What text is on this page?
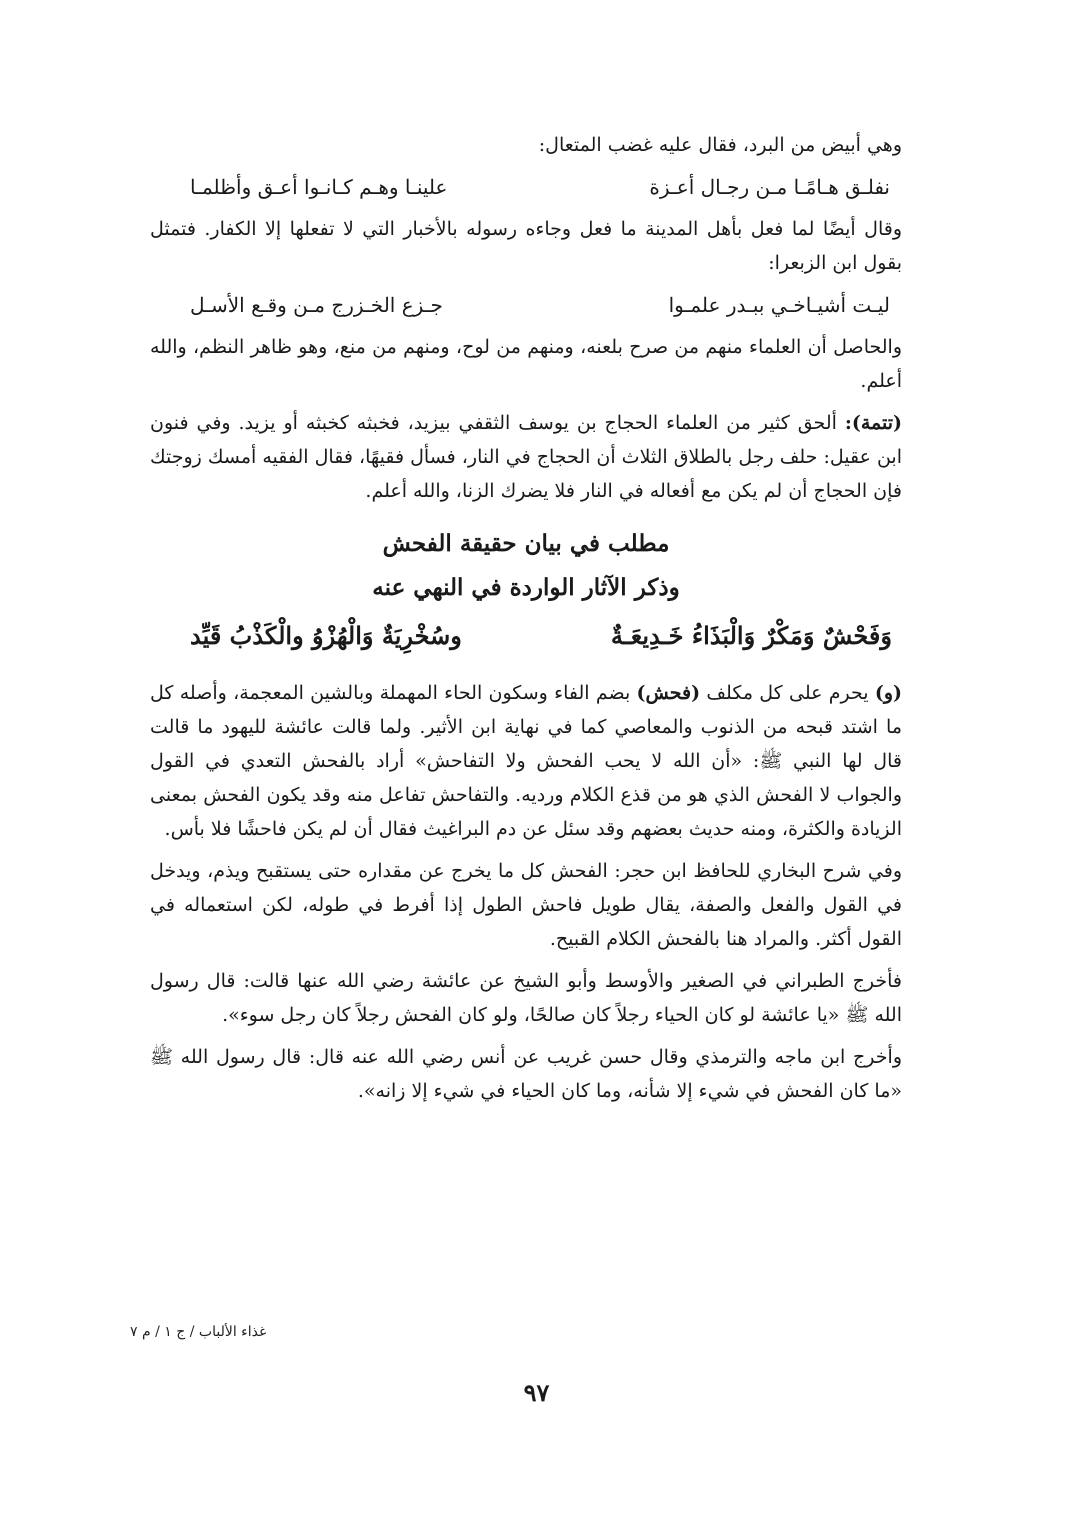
وهي أبيض من البرد، فقال عليه غضب المتعال:

نفلـق هـامًـا مـن رجـال أعـزة
علينـا وهـم كـانـوا أعـق وأظلمـا

وقال أيضًا لما فعل بأهل المدينة ما فعل وجاءه رسوله بالأخبار التي لا تفعلها إلا الكفار. فتمثل بقول ابن الزبعرا:

ليـت أشيـاخـي ببـدر علمـوا
جـزع الخـزرج مـن وقـع الأسـل

والحاصل أن العلماء منهم من صرح بلعنه، ومنهم من لوح، ومنهم من منع، وهو ظاهر النظم، والله أعلم.

(تتمة): ألحق كثير من العلماء الحجاج بن يوسف الثقفي بيزيد، فخبثه كخبثه أو يزيد. وفي فنون ابن عقيل: حلف رجل بالطلاق الثلاث أن الحجاج في النار، فسأل فقيهًا، فقال الفقيه أمسك زوجتك فإن الحجاج أن لم يكن مع أفعاله في النار فلا يضرك الزنا، والله أعلم.

مطلب في بيان حقيقة الفحش
وذكر الآثار الواردة في النهي عنه
وَفَحْشٌ وَمَكْرٌ وَالْبَذَاءُ خَـدِيعَـةٌ
وسُخْرِيَةٌ وَالْهُزْوُ والْكَذْبُ قَيِّد

(و) يحرم على كل مكلف (فحش) بضم الفاء وسكون الحاء المهملة وبالشين المعجمة، وأصله كل ما اشتد قبحه من الذنوب والمعاصي كما في نهاية ابن الأثير. ولما قالت عائشة لليهود ما قالت قال لها النبي ﷺ: «أن الله لا يحب الفحش ولا التفاحش» أراد بالفحش التعدي في القول والجواب لا الفحش الذي هو من قذع الكلام ورديه. والتفاحش تفاعل منه وقد يكون الفحش بمعنى الزيادة والكثرة، ومنه حديث بعضهم وقد سئل عن دم البراغيث فقال أن لم يكن فاحشًا فلا بأس.

وفي شرح البخاري للحافظ ابن حجر: الفحش كل ما يخرج عن مقداره حتى يستقبح ويذم، ويدخل في القول والفعل والصفة، يقال طويل فاحش الطول إذا أفرط في طوله، لكن استعماله في القول أكثر. والمراد هنا بالفحش الكلام القبيح.

فأخرج الطبراني في الصغير والأوسط وأبو الشيخ عن عائشة رضي الله عنها قالت: قال رسول الله ﷺ «يا عائشة لو كان الحياء رجلاً كان صالحًا، ولو كان الفحش رجلاً كان رجل سوء».

وأخرج ابن ماجه والترمذي وقال حسن غريب عن أنس رضي الله عنه قال: قال رسول الله ﷺ «ما كان الفحش في شيء إلا شأنه، وما كان الحياء في شيء إلا زانه».

غذاء الألباب / ج ١ / م ٧
٩٧
